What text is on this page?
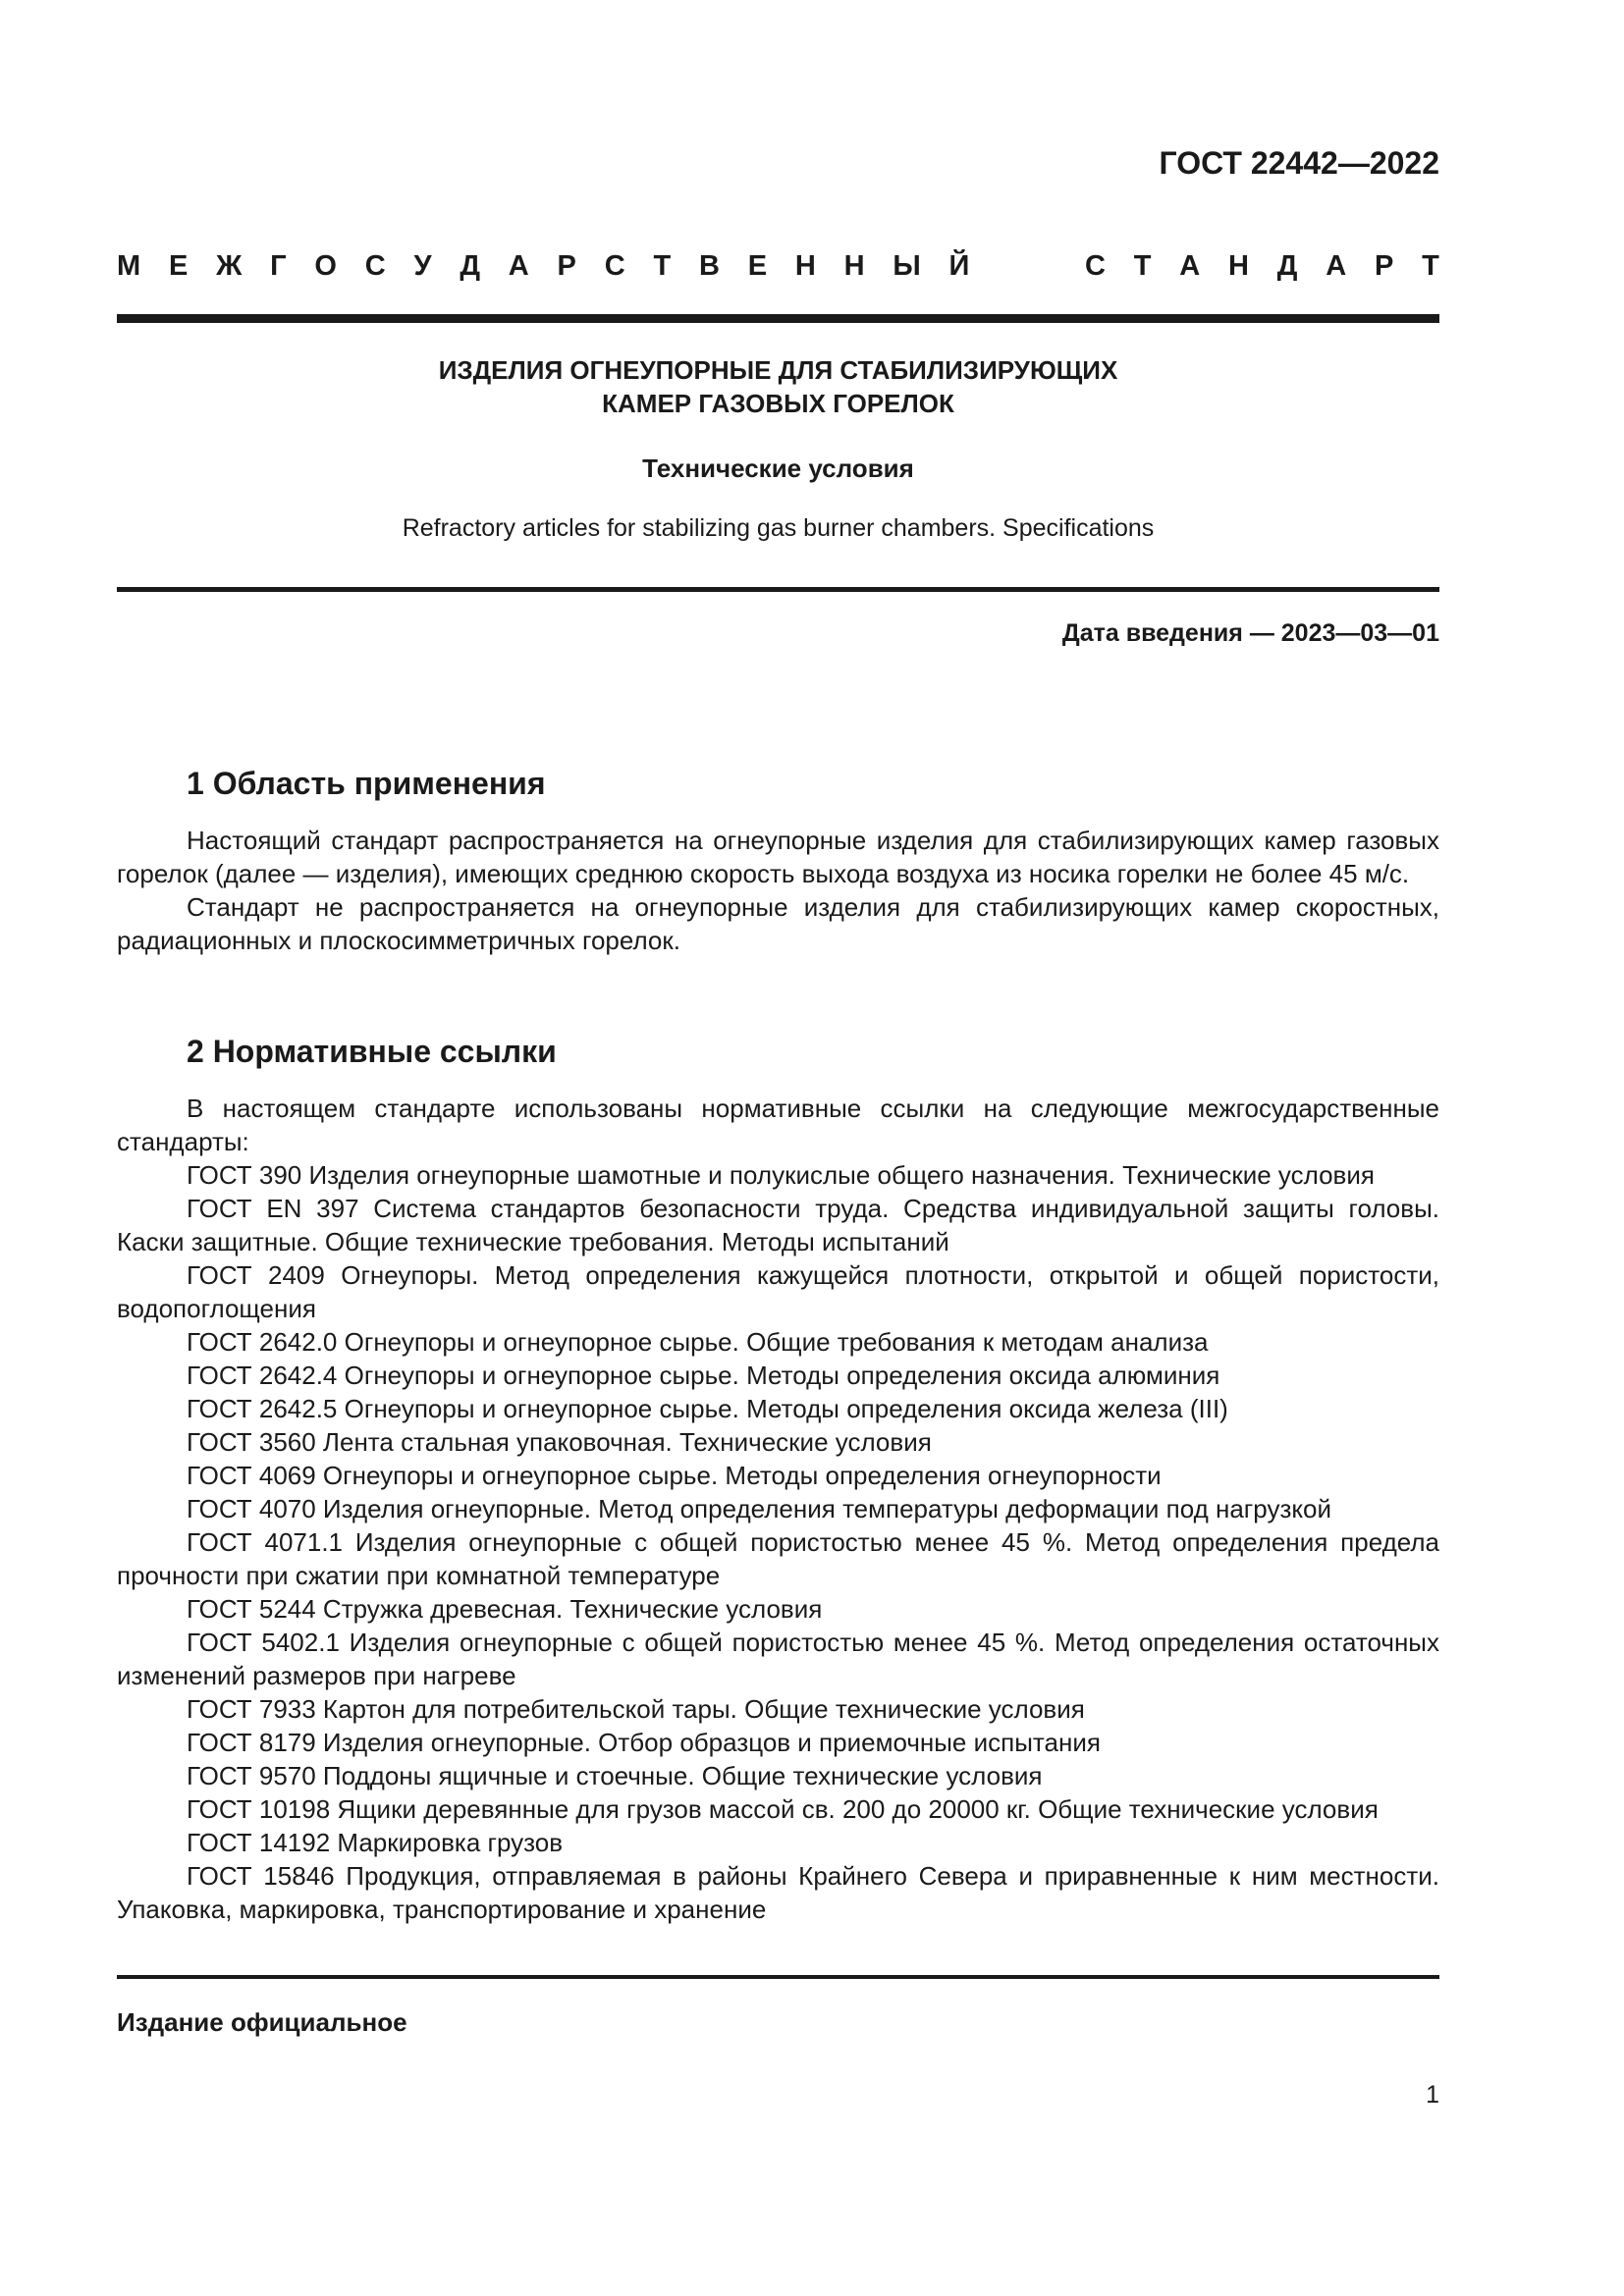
ГОСТ 22442—2022
М Е Ж Г О С У Д А Р С Т В Е Н Н Ы Й	С Т А Н Д А Р Т
ИЗДЕЛИЯ ОГНЕУПОРНЫЕ ДЛЯ СТАБИЛИЗИРУЮЩИХ
КАМЕР ГАЗОВЫХ ГОРЕЛОК
Технические условия
Refractory articles for stabilizing gas burner chambers. Specifications
Дата введения — 2023—03—01
1 Область применения

Настоящий стандарт распространяется на огнеупорные изделия для стабилизирующих камер газовых горелок (далее — изделия), имеющих среднюю скорость выхода воздуха из носика горелки не более 45 м/с.

Стандарт не распространяется на огнеупорные изделия для стабилизирующих камер скоростных, радиационных и плоскосимметричных горелок.

2 Нормативные ссылки

В настоящем стандарте использованы нормативные ссылки на следующие межгосударственные стандарты:

ГОСТ 390 Изделия огнеупорные шамотные и полукислые общего назначения. Технические условия
ГОСТ EN 397 Система стандартов безопасности труда. Средства индивидуальной защиты головы. Каски защитные. Общие технические требования. Методы испытаний
ГОСТ 2409 Огнеупоры. Метод определения кажущейся плотности, открытой и общей пористости, водопоглощения
ГОСТ 2642.0 Огнеупоры и огнеупорное сырье. Общие требования к методам анализа
ГОСТ 2642.4 Огнеупоры и огнеупорное сырье. Методы определения оксида алюминия
ГОСТ 2642.5 Огнеупоры и огнеупорное сырье. Методы определения оксида железа (III)
ГОСТ 3560 Лента стальная упаковочная. Технические условия
ГОСТ 4069 Огнеупоры и огнеупорное сырье. Методы определения огнеупорности
ГОСТ 4070 Изделия огнеупорные. Метод определения температуры деформации под нагрузкой
ГОСТ 4071.1 Изделия огнеупорные с общей пористостью менее 45 %. Метод определения предела прочности при сжатии при комнатной температуре
ГОСТ 5244 Стружка древесная. Технические условия
ГОСТ 5402.1 Изделия огнеупорные с общей пористостью менее 45 %. Метод определения остаточных изменений размеров при нагреве
ГОСТ 7933 Картон для потребительской тары. Общие технические условия
ГОСТ 8179 Изделия огнеупорные. Отбор образцов и приемочные испытания
ГОСТ 9570 Поддоны ящичные и стоечные. Общие технические условия
ГОСТ 10198 Ящики деревянные для грузов массой св. 200 до 20000 кг. Общие технические условия
ГОСТ 14192 Маркировка грузов
ГОСТ 15846 Продукция, отправляемая в районы Крайнего Севера и приравненные к ним местности. Упаковка, маркировка, транспортирование и хранение
Издание официальное
1
